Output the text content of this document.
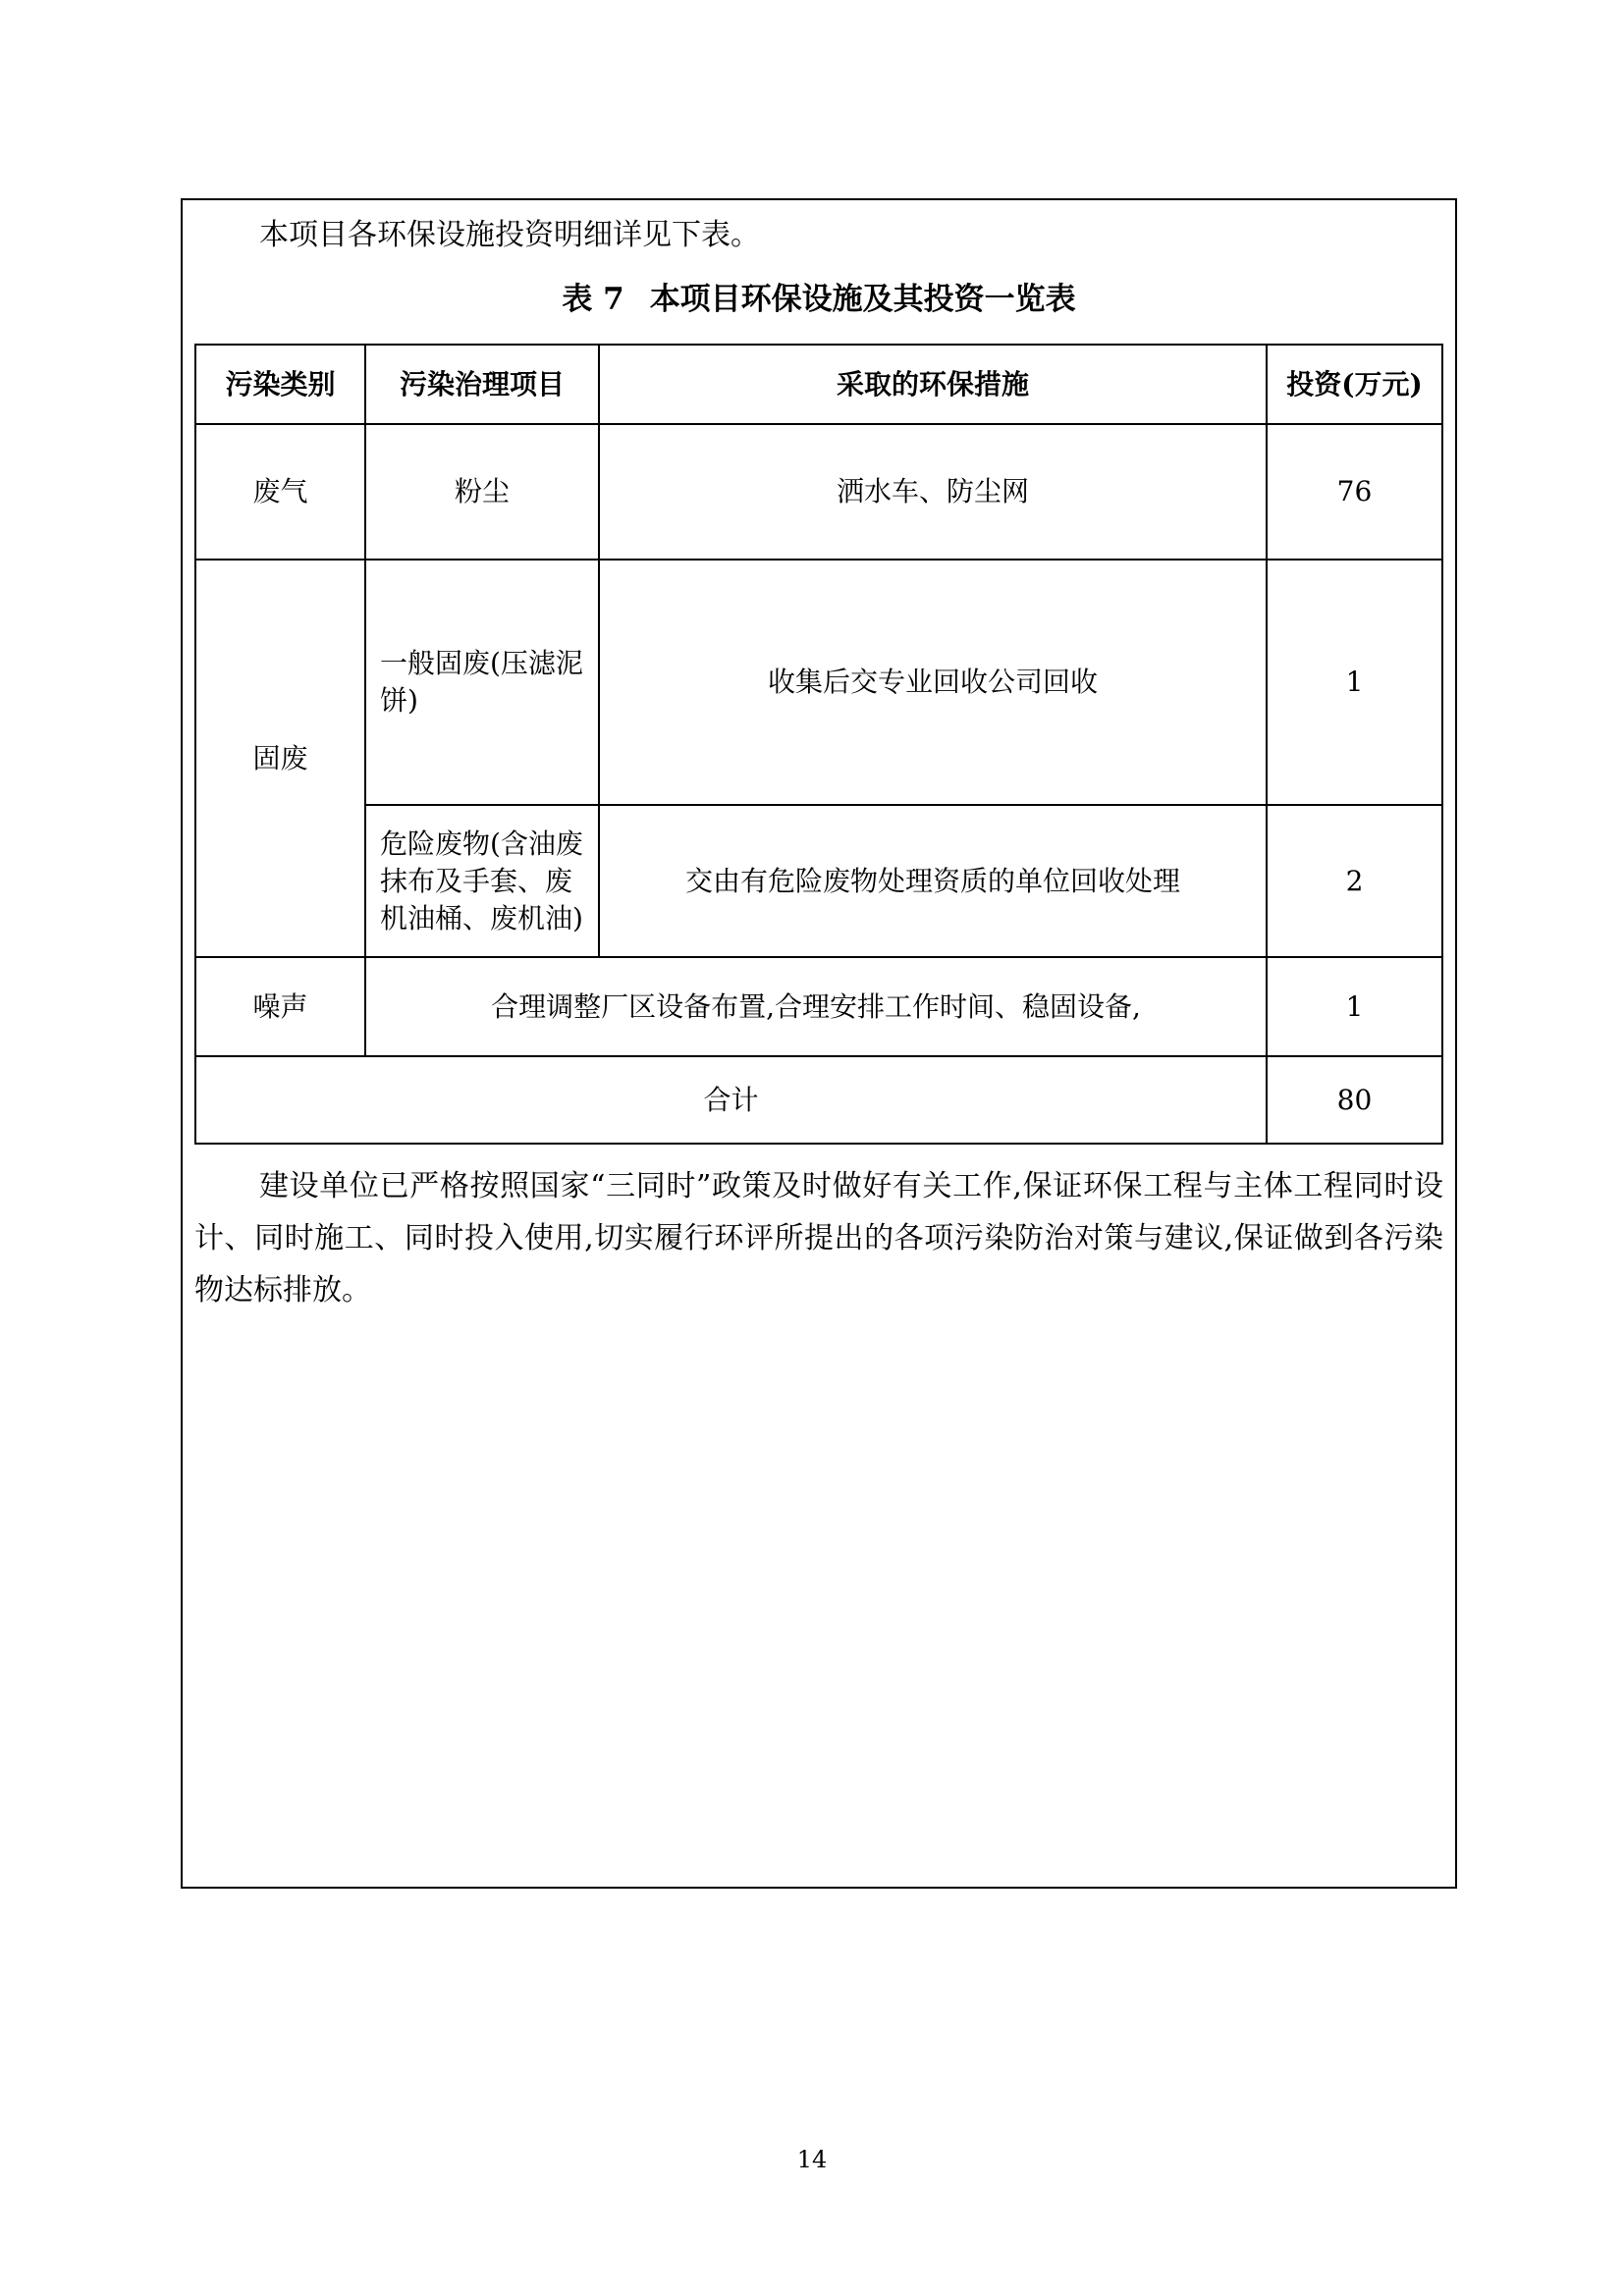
本项目各环保设施投资明细详见下表。
表 7 本项目环保设施及其投资一览表
污染类别	污染治理项目	采取的环保措施	投资(万元)
废气	粉尘	洒水车、防尘网	76
固废	一般固废(压滤泥饼)	收集后交专业回收公司回收	1
	危险废物(含油废抹布及手套、废机油桶、废机油)	交由有危险废物处理资质的单位回收处理	2
噪声	合理调整厂区设备布置,合理安排工作时间、稳固设备,		1
合计			80
建设单位已严格按照国家“三同时”政策及时做好有关工作,保证环保工程与主体工程同时设计、同时施工、同时投入使用,切实履行环评所提出的各项污染防治对策与建议,保证做到各污染物达标排放。
14
